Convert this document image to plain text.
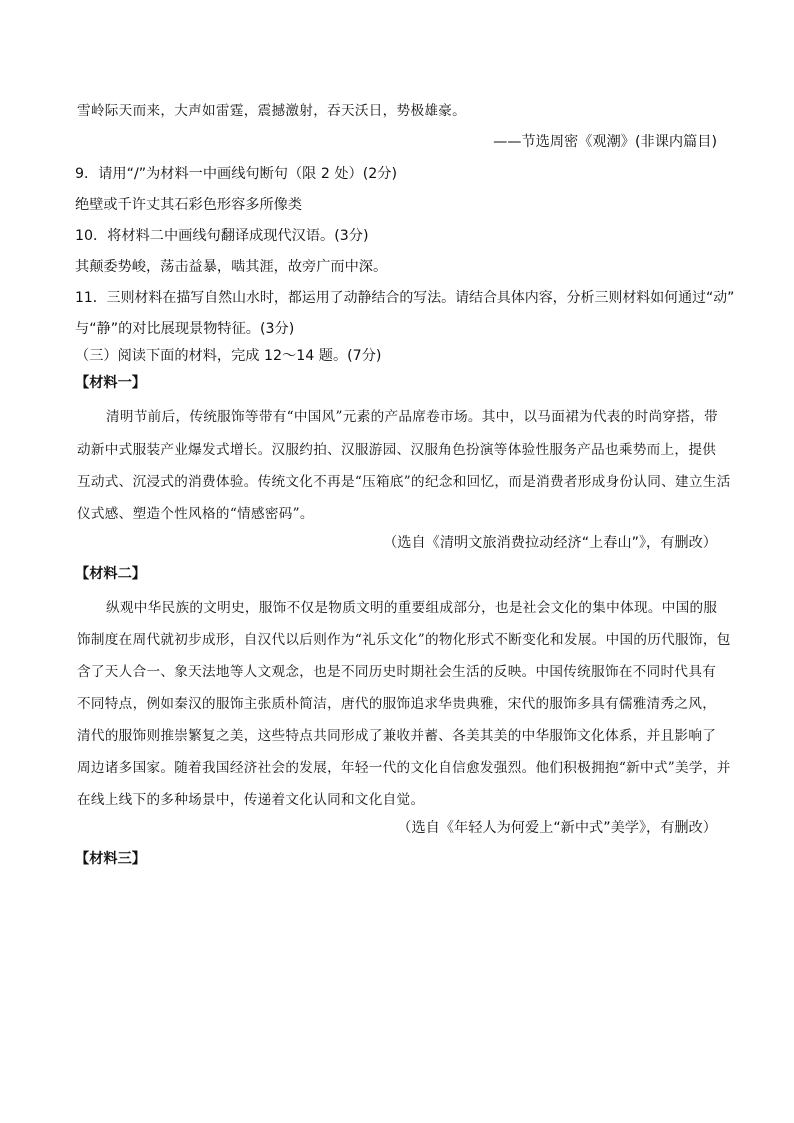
雪岭际天而来，大声如雷霆，震撼激射，吞天沃日，势极雄豪。
——节选周密《观潮》(非课内篇目)
9．请用“/”为材料一中画线句断句（限 2 处）(2分)
绝壁或千许丈其石彩色形容多所像类
10．将材料二中画线句翻译成现代汉语。(3分)
其颠委势峻，荡击益暴，啮其涯，故旁广而中深。
11．三则材料在描写自然山水时，都运用了动静结合的写法。请结合具体内容，分析三则材料如何通过“动”
与“静”的对比展现景物特征。(3分)
（三）阅读下面的材料，完成 12～14 题。(7分)
【材料一】
清明节前后，传统服饰等带有“中国风”元素的产品席卷市场。其中，以马面裙为代表的时尚穿搭，带
动新中式服装产业爆发式增长。汉服约拍、汉服游园、汉服角色扮演等体验性服务产品也乘势而上，提供
互动式、沉浸式的消费体验。传统文化不再是“压箱底”的纪念和回忆，而是消费者形成身份认同、建立生活
仪式感、塑造个性风格的“情感密码”。
（选自《清明文旅消费拉动经济“上春山”》，有删改）
【材料二】
纵观中华民族的文明史，服饰不仅是物质文明的重要组成部分，也是社会文化的集中体现。中国的服
饰制度在周代就初步成形，自汉代以后则作为“礼乐文化”的物化形式不断变化和发展。中国的历代服饰，包
含了天人合一、象天法地等人文观念，也是不同历史时期社会生活的反映。中国传统服饰在不同时代具有
不同特点，例如秦汉的服饰主张质朴简洁，唐代的服饰追求华贵典雅，宋代的服饰多具有儒雅清秀之风，
清代的服饰则推崇繁复之美，这些特点共同形成了兼收并蓄、各美其美的中华服饰文化体系，并且影响了
周边诸多国家。随着我国经济社会的发展，年轻一代的文化自信愈发强烈。他们积极拥抱“新中式”美学，并
在线上线下的多种场景中，传递着文化认同和文化自觉。
（选自《年轻人为何爱上“新中式”美学》，有删改）
【材料三】
